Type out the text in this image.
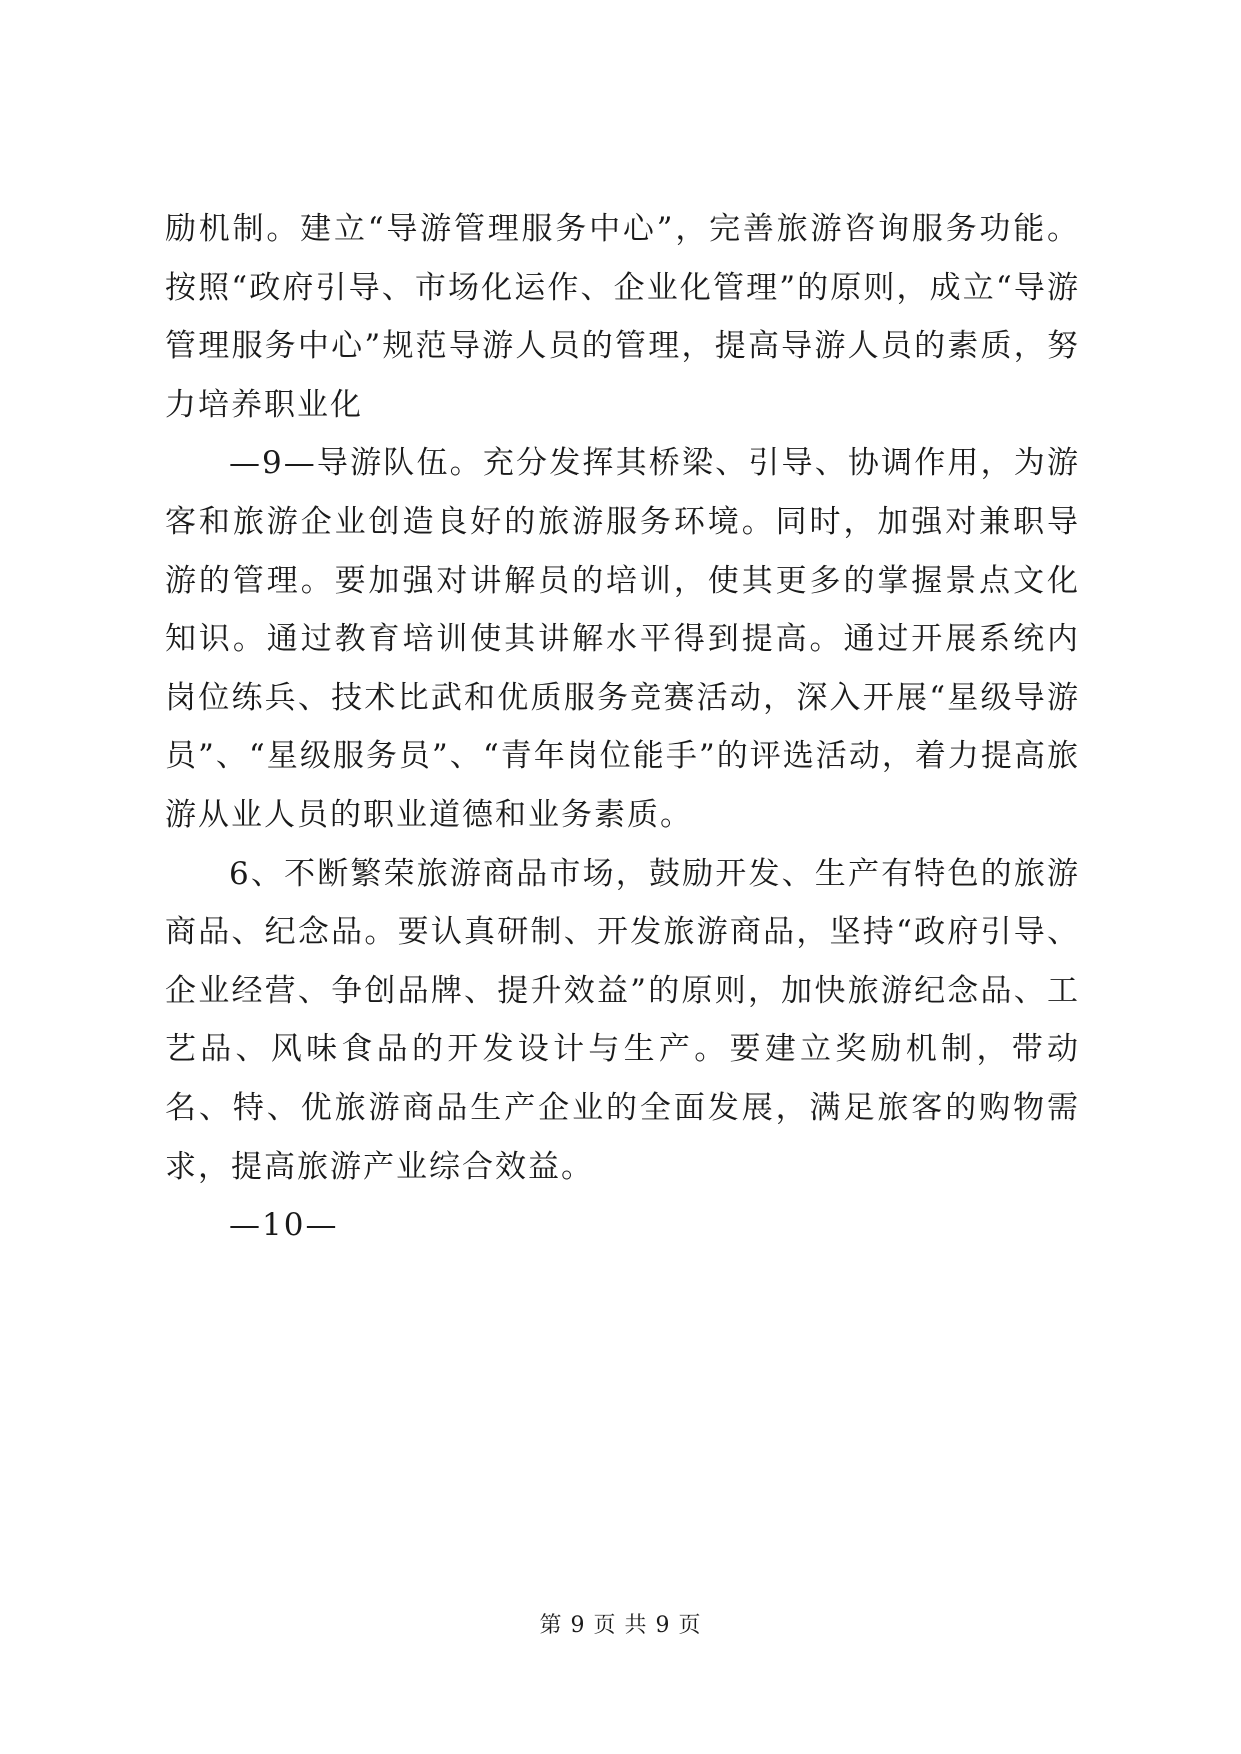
励机制。建立“导游管理服务中心”，完善旅游咨询服务功能。按照“政府引导、市场化运作、企业化管理”的原则，成立“导游管理服务中心”规范导游人员的管理，提高导游人员的素质，努力培养职业化

—9—导游队伍。充分发挥其桥梁、引导、协调作用，为游客和旅游企业创造良好的旅游服务环境。同时，加强对兼职导游的管理。要加强对讲解员的培训，使其更多的掌握景点文化知识。通过教育培训使其讲解水平得到提高。通过开展系统内岗位练兵、技术比武和优质服务竞赛活动，深入开展“星级导游员”、“星级服务员”、“青年岗位能手”的评选活动，着力提高旅游从业人员的职业道德和业务素质。

6、不断繁荣旅游商品市场，鼓励开发、生产有特色的旅游商品、纪念品。要认真研制、开发旅游商品，坚持“政府引导、企业经营、争创品牌、提升效益”的原则，加快旅游纪念品、工艺品、风味食品的开发设计与生产。要建立奖励机制，带动名、特、优旅游商品生产企业的全面发展，满足旅客的购物需求，提高旅游产业综合效益。

—10—

第 9 页 共 9 页
